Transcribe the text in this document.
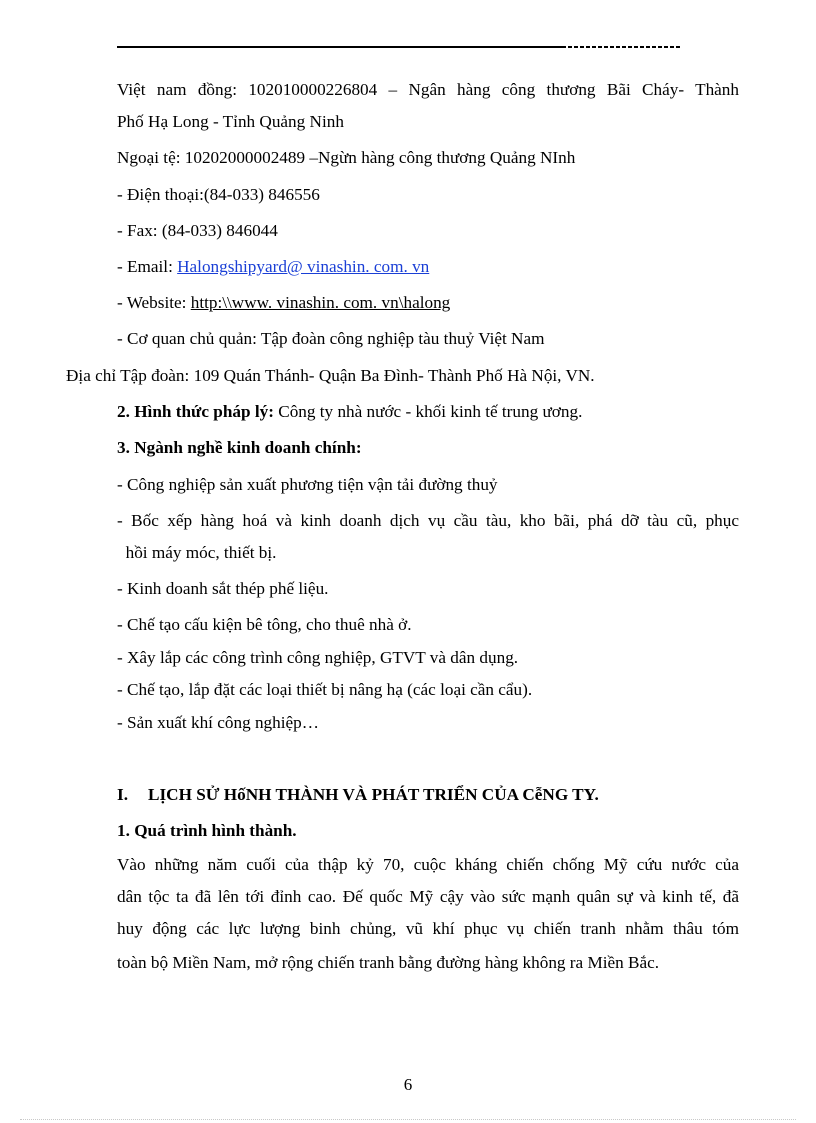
Việt nam đồng: 102010000226804 – Ngân hàng công thương Bãi Cháy- Thành
Phố Hạ Long - Tỉnh Quảng Ninh
Ngoại tệ: 10202000002489 –Ngừn hàng công thương Quảng NInh
- Điện thoại:(84-033) 846556
- Fax: (84-033) 846044
- Email: Halongshipyard@ vinashin. com. vn
- Website: http:\\www. vinashin. com. vn\halong
- Cơ quan chủ quản: Tập đoàn công nghiệp tàu thuỷ Việt Nam
Địa chỉ Tập đoàn: 109 Quán Thánh- Quận Ba Đình- Thành Phố Hà Nội, VN.
2. Hình thức pháp lý: Công ty nhà nước - khối kinh tế trung ương.
3. Ngành nghề kinh doanh chính:
- Công nghiệp sản xuất phương tiện vận tải đường thuỷ
- Bốc xếp hàng hoá và kinh doanh dịch vụ cầu tàu, kho bãi, phá dỡ tàu cũ, phục
hồi máy móc, thiết bị.
- Kinh doanh sắt thép phế liệu.
- Chế tạo cấu kiện bê tông, cho thuê nhà ở.
- Xây lắp các công trình công nghiệp, GTVT và dân dụng.
- Chế tạo, lắp đặt các loại thiết bị nâng hạ (các loại cần cẩu).
- Sản xuất khí công nghiệp…
I. LỊCH SỬ HốNH THÀNH VÀ PHÁT TRIỂN CỦA CễNG TY.
1. Quá trình hình thành.
Vào những năm cuối của thập kỷ 70, cuộc kháng chiến chống Mỹ cứu nước của
dân tộc ta đã lên tới đỉnh cao. Đế quốc Mỹ cậy vào sức mạnh quân sự và kinh tế, đã
huy động các lực lượng binh chủng, vũ khí phục vụ chiến tranh nhằm thâu tóm
toàn bộ Miền Nam, mở rộng chiến tranh bằng đường hàng không ra Miền Bắc.
6
